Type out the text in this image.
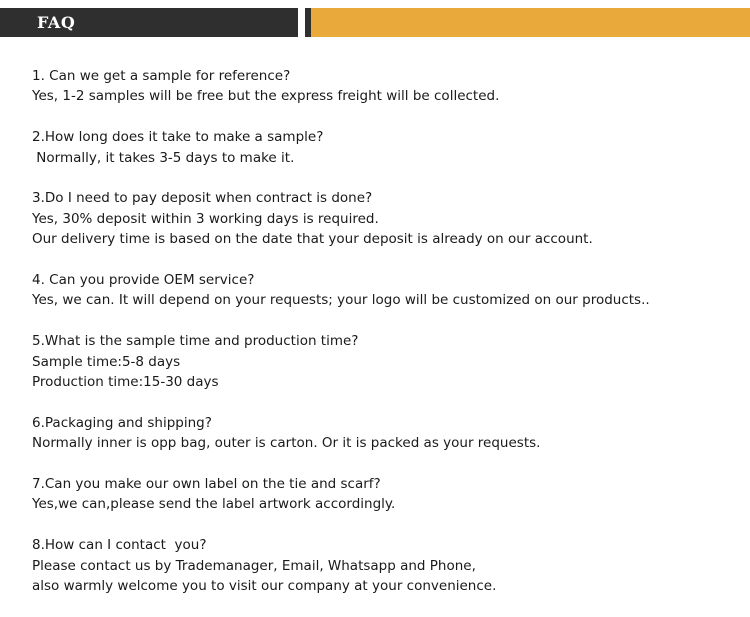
FAQ
1. Can we get a sample for reference?
Yes, 1-2 samples will be free but the express freight will be collected.
2.How long does it take to make a sample?
Normally, it takes 3-5 days to make it.
3.Do I need to pay deposit when contract is done?
Yes, 30% deposit within 3 working days is required.
Our delivery time is based on the date that your deposit is already on our account.
4. Can you provide OEM service?
Yes, we can. It will depend on your requests; your logo will be customized on our products..
5.What is the sample time and production time?
Sample time:5-8 days
Production time:15-30 days
6.Packaging and shipping?
Normally inner is opp bag, outer is carton. Or it is packed as your requests.
7.Can you make our own label on the tie and scarf?
Yes,we can,please send the label artwork accordingly.
8.How can I contact  you?
Please contact us by Trademanager, Email, Whatsapp and Phone,
also warmly welcome you to visit our company at your convenience.
